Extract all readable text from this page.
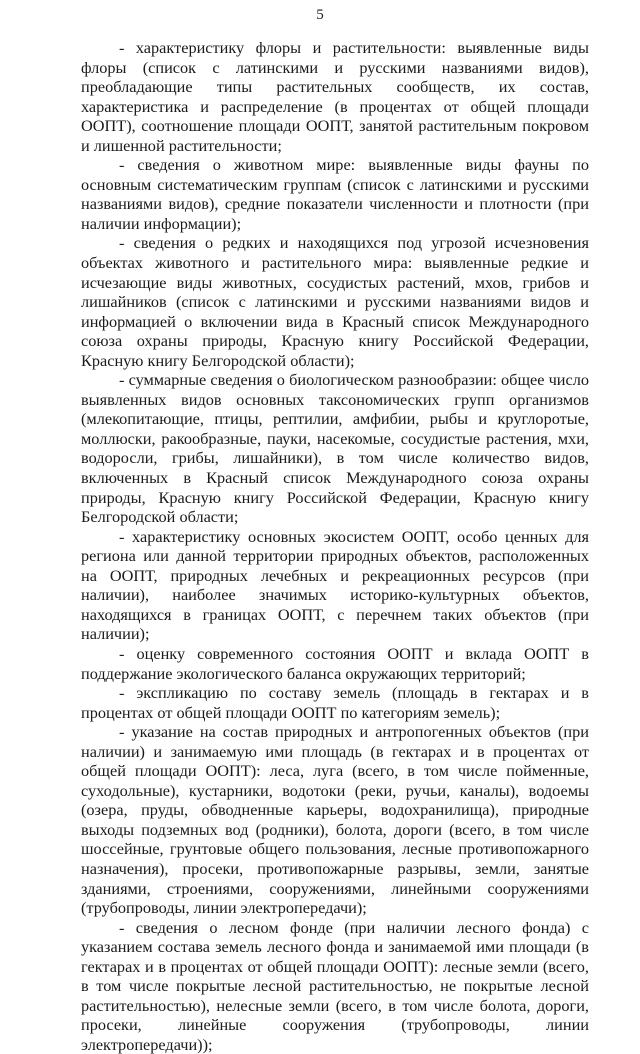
5

- характеристику флоры и растительности: выявленные виды флоры (список с латинскими и русскими названиями видов), преобладающие типы растительных сообществ, их состав, характеристика и распределение (в процентах от общей площади ООПТ), соотношение площади ООПТ, занятой растительным покровом и лишенной растительности;

- сведения о животном мире: выявленные виды фауны по основным систематическим группам (список с латинскими и русскими названиями видов), средние показатели численности и плотности (при наличии информации);

- сведения о редких и находящихся под угрозой исчезновения объектах животного и растительного мира: выявленные редкие и исчезающие виды животных, сосудистых растений, мхов, грибов и лишайников (список с латинскими и русскими названиями видов и информацией о включении вида в Красный список Международного союза охраны природы, Красную книгу Российской Федерации, Красную книгу Белгородской области);

- суммарные сведения о биологическом разнообразии: общее число выявленных видов основных таксономических групп организмов (млекопитающие, птицы, рептилии, амфибии, рыбы и круглоротые, моллюски, ракообразные, пауки, насекомые, сосудистые растения, мхи, водоросли, грибы, лишайники), в том числе количество видов, включенных в Красный список Международного союза охраны природы, Красную книгу Российской Федерации, Красную книгу Белгородской области;

- характеристику основных экосистем ООПТ, особо ценных для региона или данной территории природных объектов, расположенных на ООПТ, природных лечебных и рекреационных ресурсов (при наличии), наиболее значимых историко-культурных объектов, находящихся в границах ООПТ, с перечнем таких объектов (при наличии);

- оценку современного состояния ООПТ и вклада ООПТ в поддержание экологического баланса окружающих территорий;

- экспликацию по составу земель (площадь в гектарах и в процентах от общей площади ООПТ по категориям земель);

- указание на состав природных и антропогенных объектов (при наличии) и занимаемую ими площадь (в гектарах и в процентах от общей площади ООПТ): леса, луга (всего, в том числе пойменные, суходольные), кустарники, водотоки (реки, ручьи, каналы), водоемы (озера, пруды, обводненные карьеры, водохранилища), природные выходы подземных вод (родники), болота, дороги (всего, в том числе шоссейные, грунтовые общего пользования, лесные противопожарного назначения), просеки, противопожарные разрывы, земли, занятые зданиями, строениями, сооружениями, линейными сооружениями (трубопроводы, линии электропередачи);

- сведения о лесном фонде (при наличии лесного фонда) с указанием состава земель лесного фонда и занимаемой ими площади (в гектарах и в процентах от общей площади ООПТ): лесные земли (всего, в том числе покрытые лесной растительностью, не покрытые лесной растительностью), нелесные земли (всего, в том числе болота, дороги, просеки, линейные сооружения (трубопроводы, линии электропередачи));
